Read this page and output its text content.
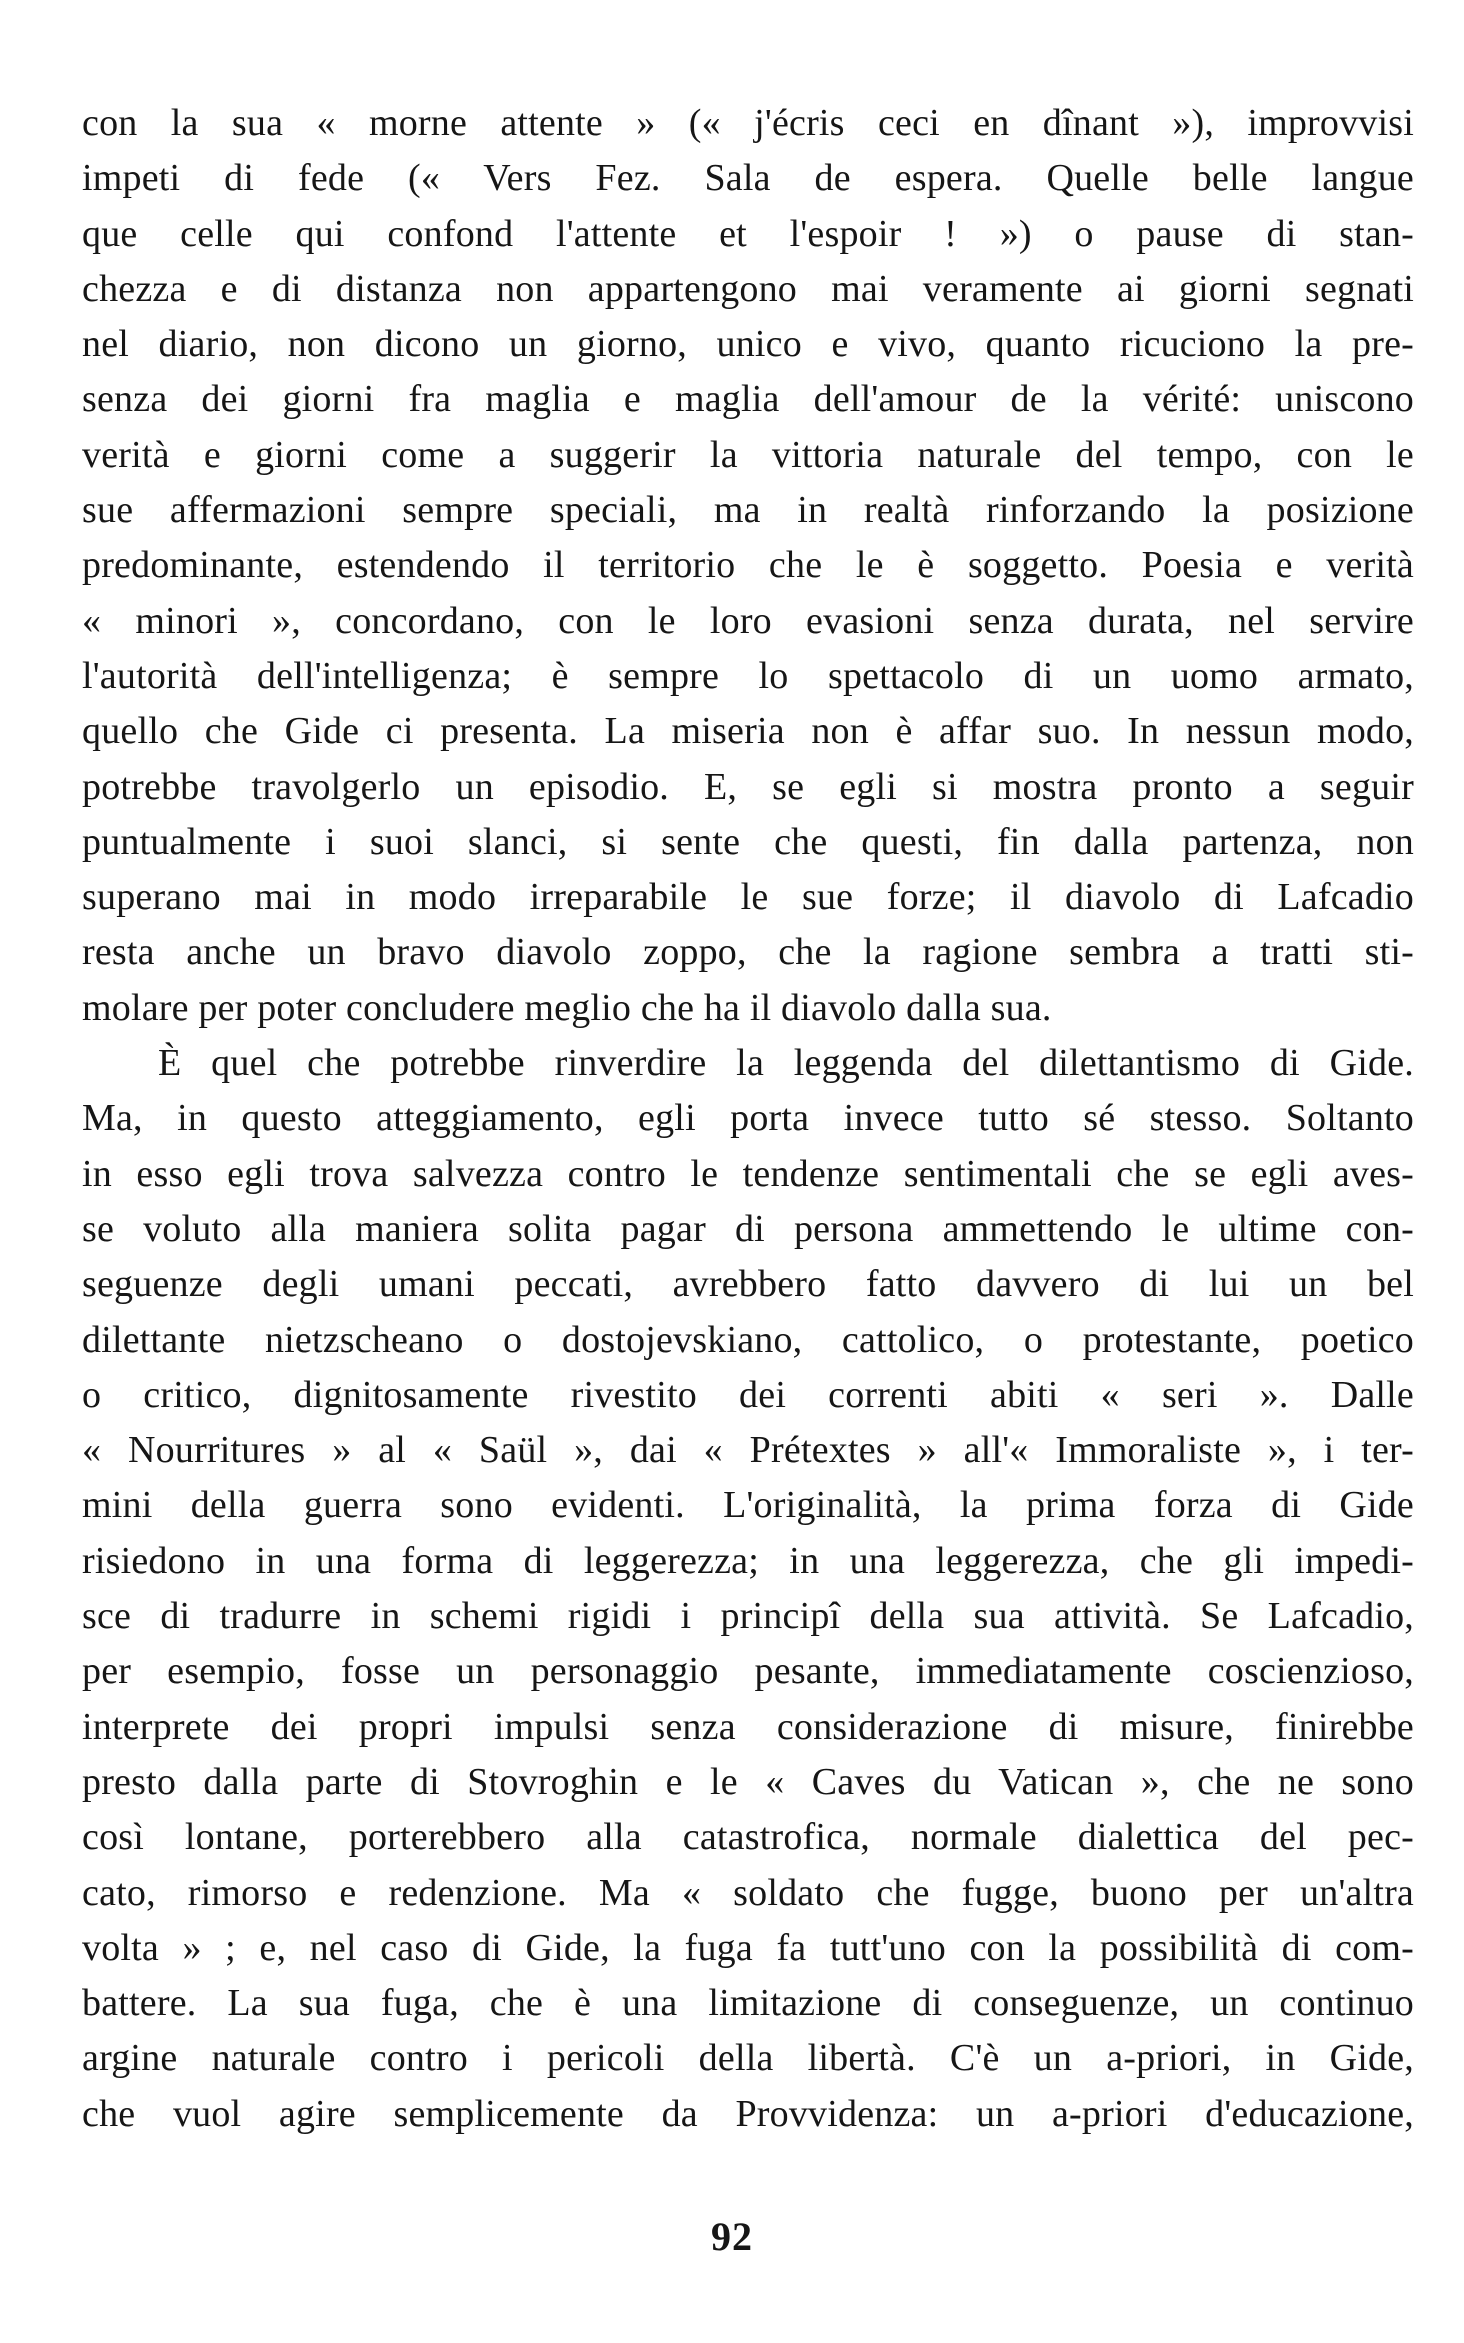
con la sua « morne attente » (« j'écris ceci en dînant »), improvvisi
impeti di fede (« Vers Fez. Sala de espera. Quelle belle langue
que celle qui confond l'attente et l'espoir ! ») o pause di stan-
chezza e di distanza non appartengono mai veramente ai giorni segnati
nel diario, non dicono un giorno, unico e vivo, quanto ricuciono la pre-
senza dei giorni fra maglia e maglia dell'amour de la vérité: uniscono
verità e giorni come a suggerir la vittoria naturale del tempo, con le
sue affermazioni sempre speciali, ma in realtà rinforzando la posizione
predominante, estendendo il territorio che le è soggetto. Poesia e verità
« minori », concordano, con le loro evasioni senza durata, nel servire
l'autorità dell'intelligenza; è sempre lo spettacolo di un uomo armato,
quello che Gide ci presenta. La miseria non è affar suo. In nessun modo,
potrebbe travolgerlo un episodio. E, se egli si mostra pronto a seguir
puntualmente i suoi slanci, si sente che questi, fin dalla partenza, non
superano mai in modo irreparabile le sue forze; il diavolo di Lafcadio
resta anche un bravo diavolo zoppo, che la ragione sembra a tratti sti-
molare per poter concludere meglio che ha il diavolo dalla sua.
È quel che potrebbe rinverdire la leggenda del dilettantismo di Gide.
Ma, in questo atteggiamento, egli porta invece tutto sé stesso. Soltanto
in esso egli trova salvezza contro le tendenze sentimentali che se egli aves-
se voluto alla maniera solita pagar di persona ammettendo le ultime con-
seguenze degli umani peccati, avrebbero fatto davvero di lui un bel
dilettante nietzscheano o dostojevskiano, cattolico, o protestante, poetico
o critico, dignitosamente rivestito dei correnti abiti « seri ». Dalle
« Nourritures » al « Saül », dai « Prétextes » all'« Immoraliste », i ter-
mini della guerra sono evidenti. L'originalità, la prima forza di Gide
risiedono in una forma di leggerezza; in una leggerezza, che gli impedi-
sce di tradurre in schemi rigidi i principî della sua attività. Se Lafcadio,
per esempio, fosse un personaggio pesante, immediatamente coscienzioso,
interprete dei propri impulsi senza considerazione di misure, finirebbe
presto dalla parte di Stovroghin e le « Caves du Vatican », che ne sono
così lontane, porterebbero alla catastrofica, normale dialettica del pec-
cato, rimorso e redenzione. Ma « soldato che fugge, buono per un'altra
volta » ; e, nel caso di Gide, la fuga fa tutt'uno con la possibilità di com-
battere. La sua fuga, che è una limitazione di conseguenze, un continuo
argine naturale contro i pericoli della libertà. C'è un a-priori, in Gide,
che vuol agire semplicemente da Provvidenza: un a-priori d'educazione,
92
